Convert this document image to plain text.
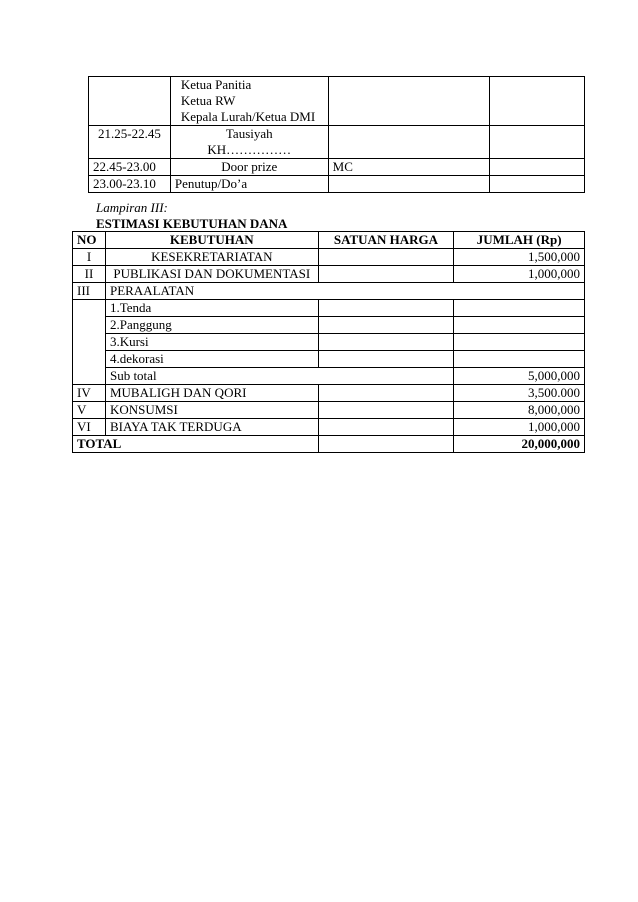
	Ketua Panitia
Ketua RW
Kepala Lurah/Ketua DMI		

21.25-22.45	Tausiyah
KH……………		

22.45-23.00	Door prize	MC	
23.00-23.10	Penutup/Do’a		
Lampiran III:
ESTIMASI KEBUTUHAN DANA
NO	KEBUTUHAN	SATUAN HARGA	JUMLAH (Rp)
I	KESEKRETARIATAN		1,500,000
II	PUBLIKASI DAN DOKUMENTASI		1,000,000
III	PERAALATAN		
	1.Tenda		
	2.Panggung		
	3.Kursi		
	4.dekorasi		
	Sub total		5,000,000
IV	MUBALIGH DAN QORI		3,500.000
V	KONSUMSI		8,000,000
VI	BIAYA TAK TERDUGA		1,000,000
TOTAL			20,000,000
